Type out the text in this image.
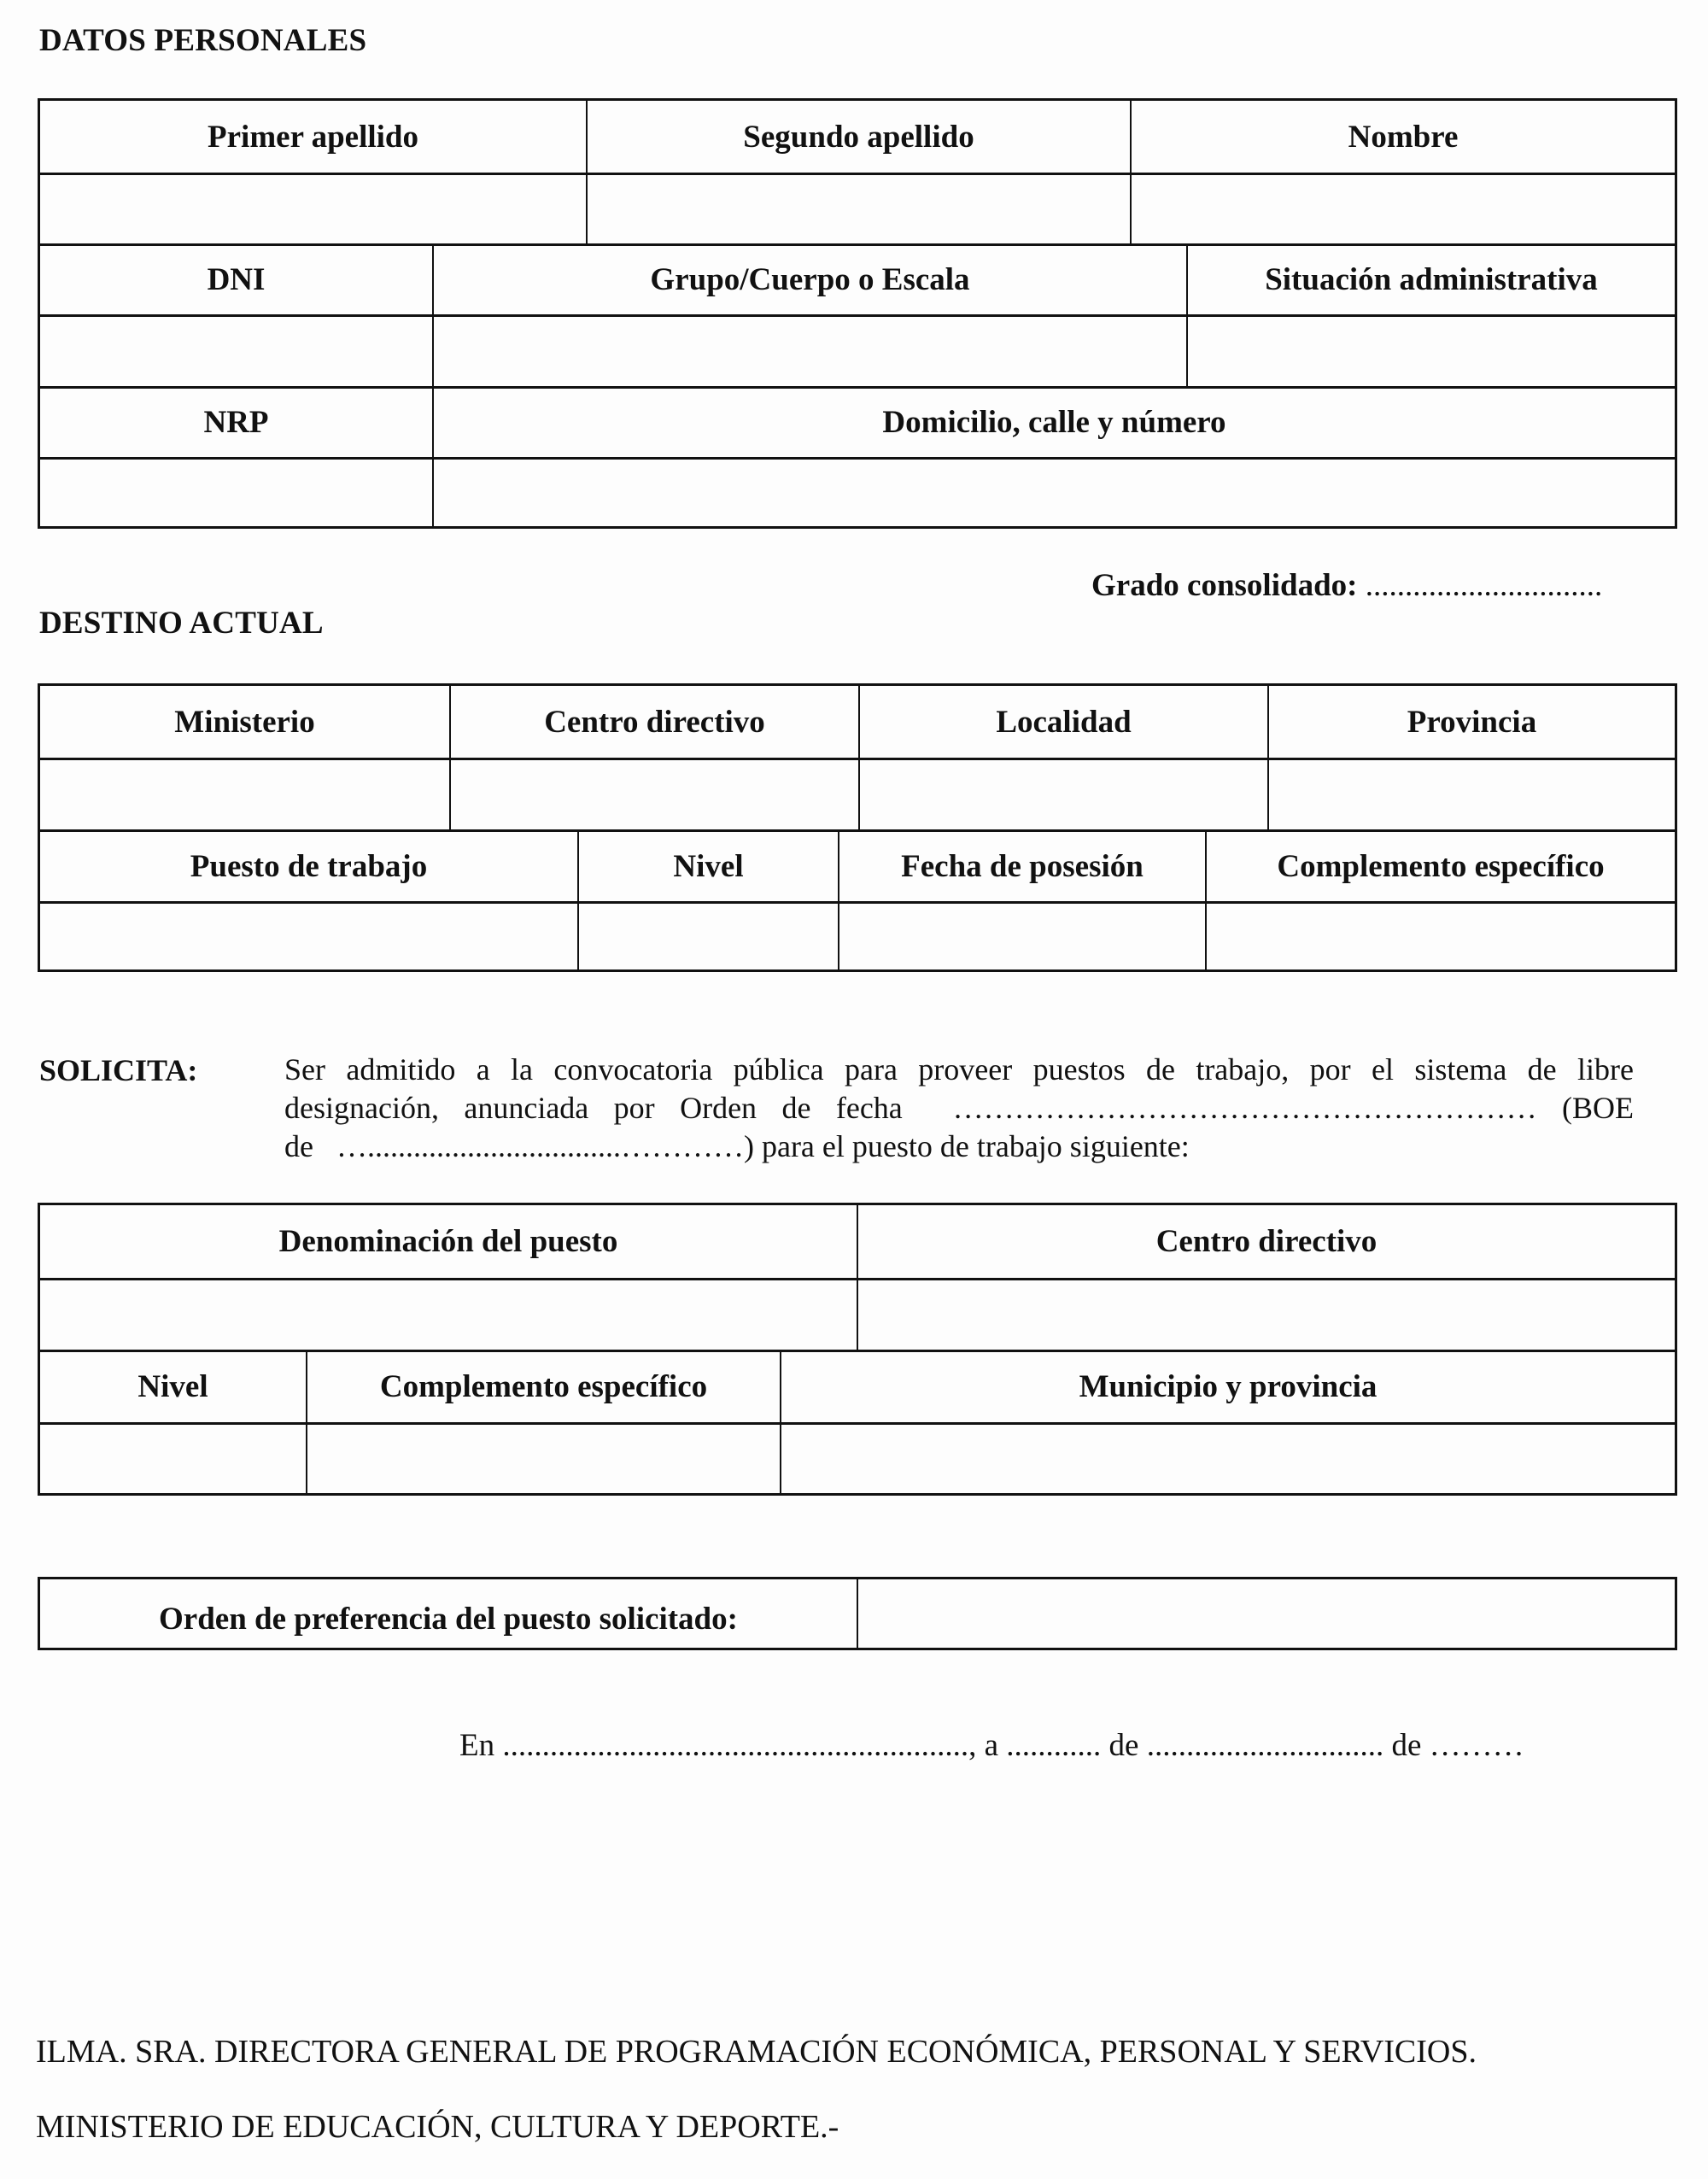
DATOS PERSONALES
Primer apellido	Segundo apellido	Nombre
DNI	Grupo/Cuerpo o Escala	Situación administrativa
NRP	Domicilio, calle y número
Grado consolidado: ..............................
DESTINO ACTUAL
Ministerio	Centro directivo	Localidad	Provincia
Puesto de trabajo	Nivel	Fecha de posesión	Complemento específico
SOLICITA:	Ser admitido a la convocatoria pública para proveer puestos de trabajo, por el sistema de libre
designación, anunciada por Orden de fecha  ………………………………………………… (BOE
de   ….................................…………) para el puesto de trabajo siguiente:
Denominación del puesto	Centro directivo
Nivel	Complemento específico	Municipio y provincia
Orden de preferencia del puesto solicitado:
En ..........................................................., a ............ de .............................. de ………
ILMA. SRA. DIRECTORA GENERAL DE PROGRAMACIÓN ECONÓMICA, PERSONAL Y SERVICIOS.
MINISTERIO DE EDUCACIÓN, CULTURA Y DEPORTE.-
